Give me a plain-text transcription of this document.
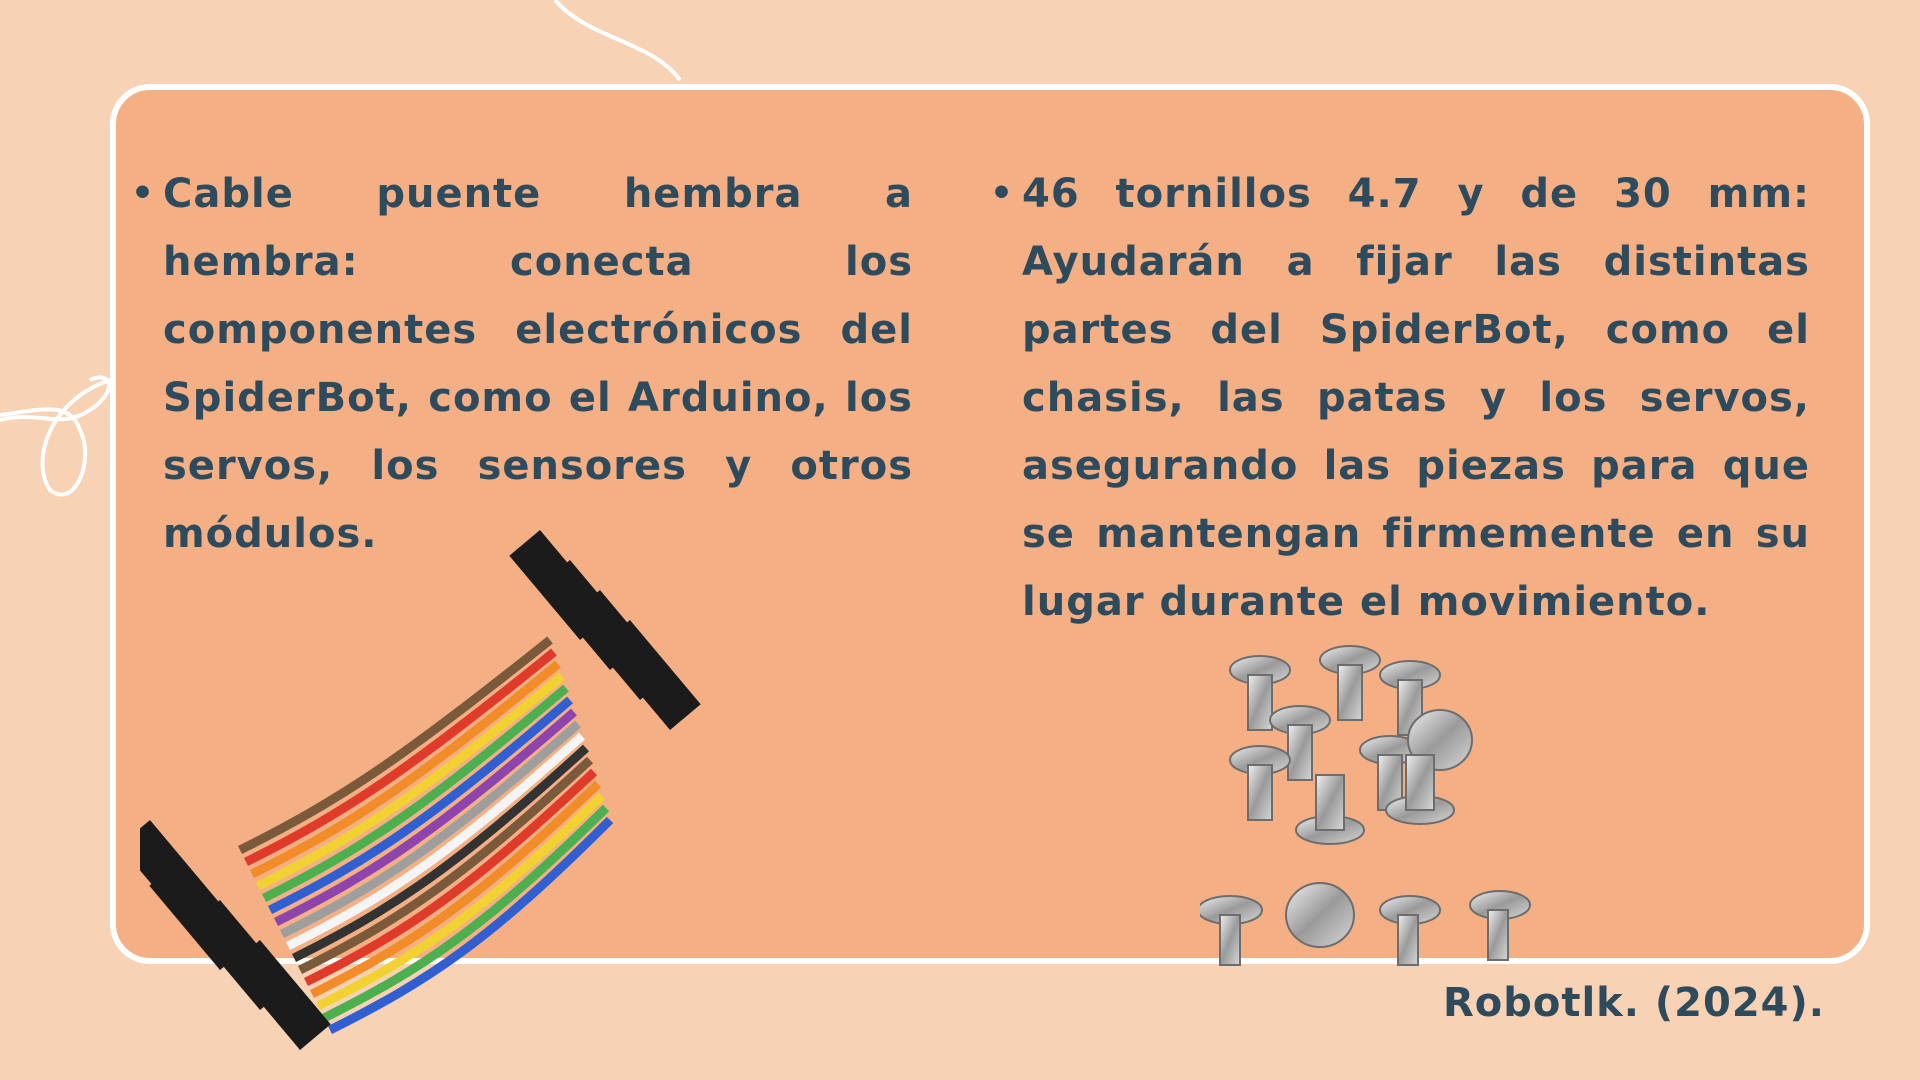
• Cable puente hembra a hembra: conecta los componentes electrónicos del SpiderBot, como el Arduino, los servos, los sensores y otros módulos.
• 46 tornillos 4.7 y de 30 mm: Ayudarán a fijar las distintas partes del SpiderBot, como el chasis, las patas y los servos, asegurando las piezas para que se mantengan firmemente en su lugar durante el movimiento.
Robotlk. (2024).
